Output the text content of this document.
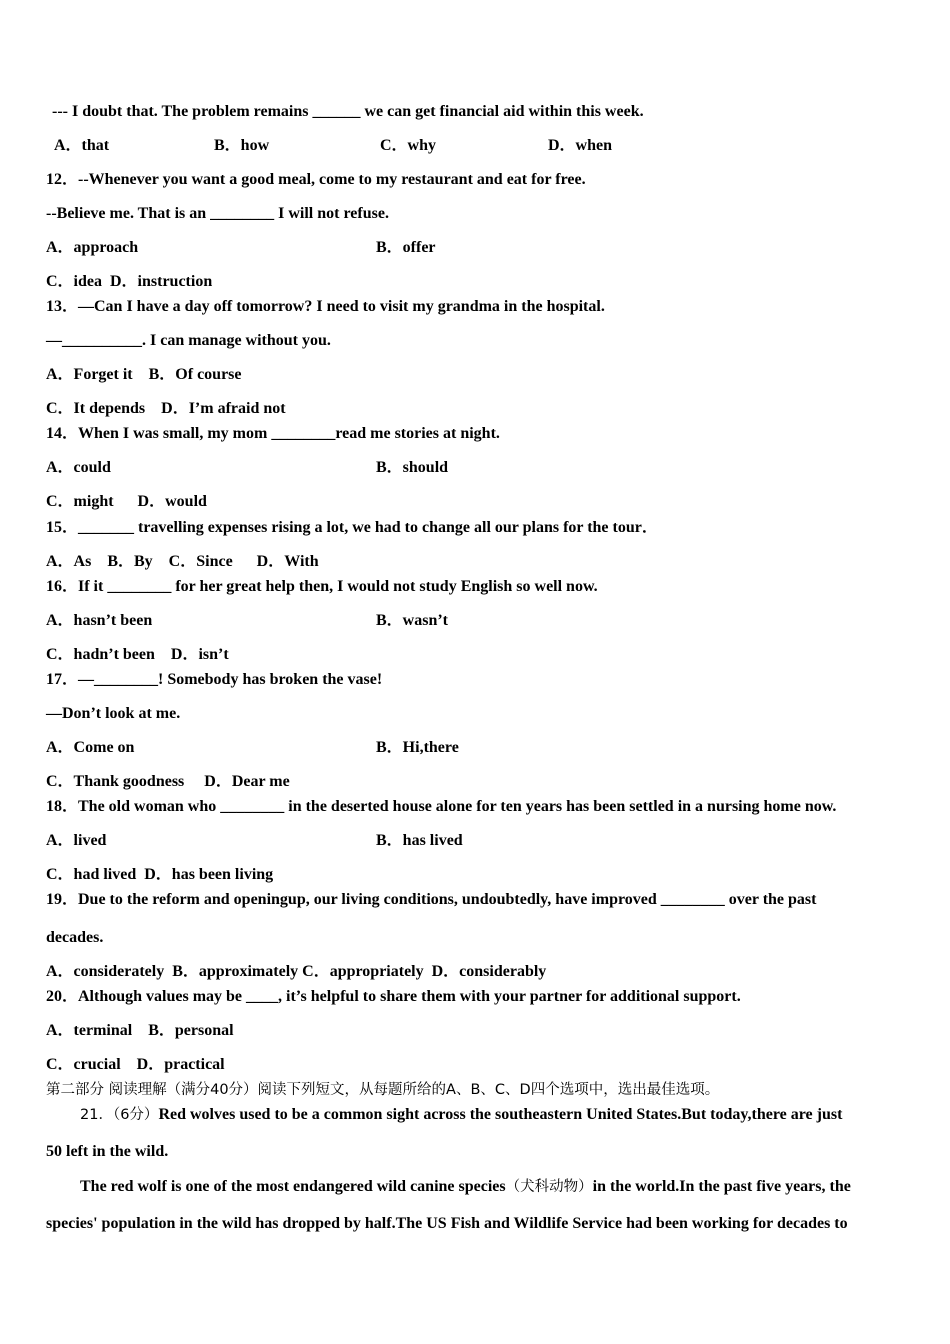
--- I doubt that. The problem remains ______ we can get financial aid within this week.
A．that	B．how	C．why	D．when
12．--Whenever you want a good meal, come to my restaurant and eat for free.
--Believe me. That is an ________ I will not refuse.
A．approach	B．offer
C．idea  D．instruction
13．—Can I have a day off tomorrow? I need to visit my grandma in the hospital.
—__________. I can manage without you.
A．Forget it    B．Of course
C．It depends    D．I’m afraid not
14．When I was small, my mom ________read me stories at night.
A．could	B．should
C．might      D．would
15．_______ travelling expenses rising a lot, we had to change all our plans for the tour．
A．As    B．By    C．Since      D．With
16．If it ________ for her great help then, I would not study English so well now.
A．hasn’t been	B．wasn’t
C．hadn’t been    D．isn’t
17．—________! Somebody has broken the vase!
—Don’t look at me.
A．Come on	B．Hi,there
C．Thank goodness     D．Dear me
18．The old woman who ________ in the deserted house alone for ten years has been settled in a nursing home now.
A．lived	B．has lived
C．had lived  D．has been living
19．Due to the reform and openingup, our living conditions, undoubtedly, have improved ________ over the past
decades.
A．considerately  B．approximately C．appropriately  D．considerably
20．Although values may be ____, it’s helpful to share them with your partner for additional support.
A．terminal    B．personal
C．crucial    D．practical
第二部分 阅读理解（满分40分）阅读下列短文，从每题所给的A、B、C、D四个选项中，选出最佳选项。
21．（6分）Red wolves used to be a common sight across the southeastern United States.But today,there are just
50 left in the wild.
The red wolf is one of the most endangered wild canine species（犬科动物）in the world.In the past five years, the
species' population in the wild has dropped by half.The US Fish and Wildlife Service had been working for decades to
